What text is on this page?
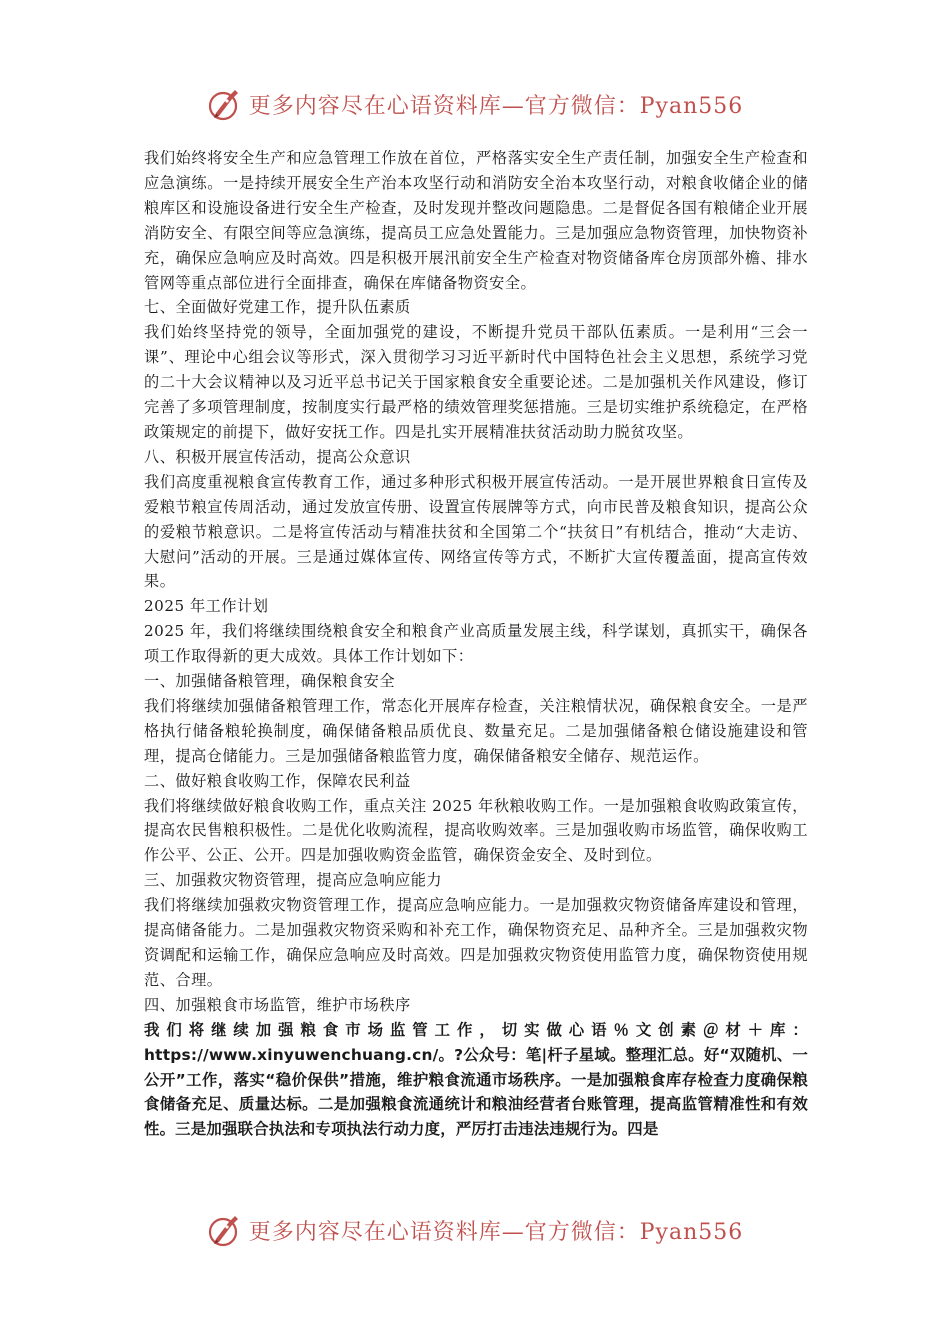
更多内容尽在心语资料库—官方微信：Pyan556

我们始终将安全生产和应急管理工作放在首位，严格落实安全生产责任制，加强安全生产检查和应急演练。一是持续开展安全生产治本攻坚行动和消防安全治本攻坚行动，对粮食收储企业的储粮库区和设施设备进行安全生产检查，及时发现并整改问题隐患。二是督促各国有粮储企业开展消防安全、有限空间等应急演练，提高员工应急处置能力。三是加强应急物资管理，加快物资补充，确保应急响应及时高效。四是积极开展汛前安全生产检查对物资储备库仓房顶部外檐、排水管网等重点部位进行全面排查，确保在库储备物资安全。

七、全面做好党建工作，提升队伍素质

我们始终坚持党的领导，全面加强党的建设，不断提升党员干部队伍素质。一是利用“三会一课”、理论中心组会议等形式，深入贯彻学习习近平新时代中国特色社会主义思想，系统学习党的二十大会议精神以及习近平总书记关于国家粮食安全重要论述。二是加强机关作风建设，修订完善了多项管理制度，按制度实行最严格的绩效管理奖惩措施。三是切实维护系统稳定，在严格政策规定的前提下，做好安抚工作。四是扎实开展精准扶贫活动助力脱贫攻坚。

八、积极开展宣传活动，提高公众意识

我们高度重视粮食宣传教育工作，通过多种形式积极开展宣传活动。一是开展世界粮食日宣传及爱粮节粮宣传周活动，通过发放宣传册、设置宣传展牌等方式，向市民普及粮食知识，提高公众的爱粮节粮意识。二是将宣传活动与精准扶贫和全国第二个“扶贫日”有机结合，推动“大走访、大慰问”活动的开展。三是通过媒体宣传、网络宣传等方式，不断扩大宣传覆盖面，提高宣传效果。

2025 年工作计划

2025 年，我们将继续围绕粮食安全和粮食产业高质量发展主线，科学谋划，真抓实干，确保各项工作取得新的更大成效。具体工作计划如下：

一、加强储备粮管理，确保粮食安全

我们将继续加强储备粮管理工作，常态化开展库存检查，关注粮情状况，确保粮食安全。一是严格执行储备粮轮换制度，确保储备粮品质优良、数量充足。二是加强储备粮仓储设施建设和管理，提高仓储能力。三是加强储备粮监管力度，确保储备粮安全储存、规范运作。

二、做好粮食收购工作，保障农民利益

我们将继续做好粮食收购工作，重点关注 2025 年秋粮收购工作。一是加强粮食收购政策宣传，提高农民售粮积极性。二是优化收购流程，提高收购效率。三是加强收购市场监管，确保收购工作公平、公正、公开。四是加强收购资金监管，确保资金安全、及时到位。

三、加强救灾物资管理，提高应急响应能力

我们将继续加强救灾物资管理工作，提高应急响应能力。一是加强救灾物资储备库建设和管理，提高储备能力。二是加强救灾物资采购和补充工作，确保物资充足、品种齐全。三是加强救灾物资调配和运输工作，确保应急响应及时高效。四是加强救灾物资使用监管力度，确保物资使用规范、合理。

四、加强粮食市场监管，维护市场秩序

我们将继续加强粮食市场监管工作，切实做心语％文创素＠材＋库：https://www.xinyuwenchuang.cn/。?公众号：笔|杆子星域。整理汇总。好“双随机、一公开”工作，落实“稳价保供”措施，维护粮食流通市场秩序。一是加强粮食库存检查力度确保粮食储备充足、质量达标。二是加强粮食流通统计和粮油经营者台账管理，提高监管精准性和有效性。三是加强联合执法和专项执法行动力度，严厉打击违法违规行为。四是

更多内容尽在心语资料库—官方微信：Pyan556
